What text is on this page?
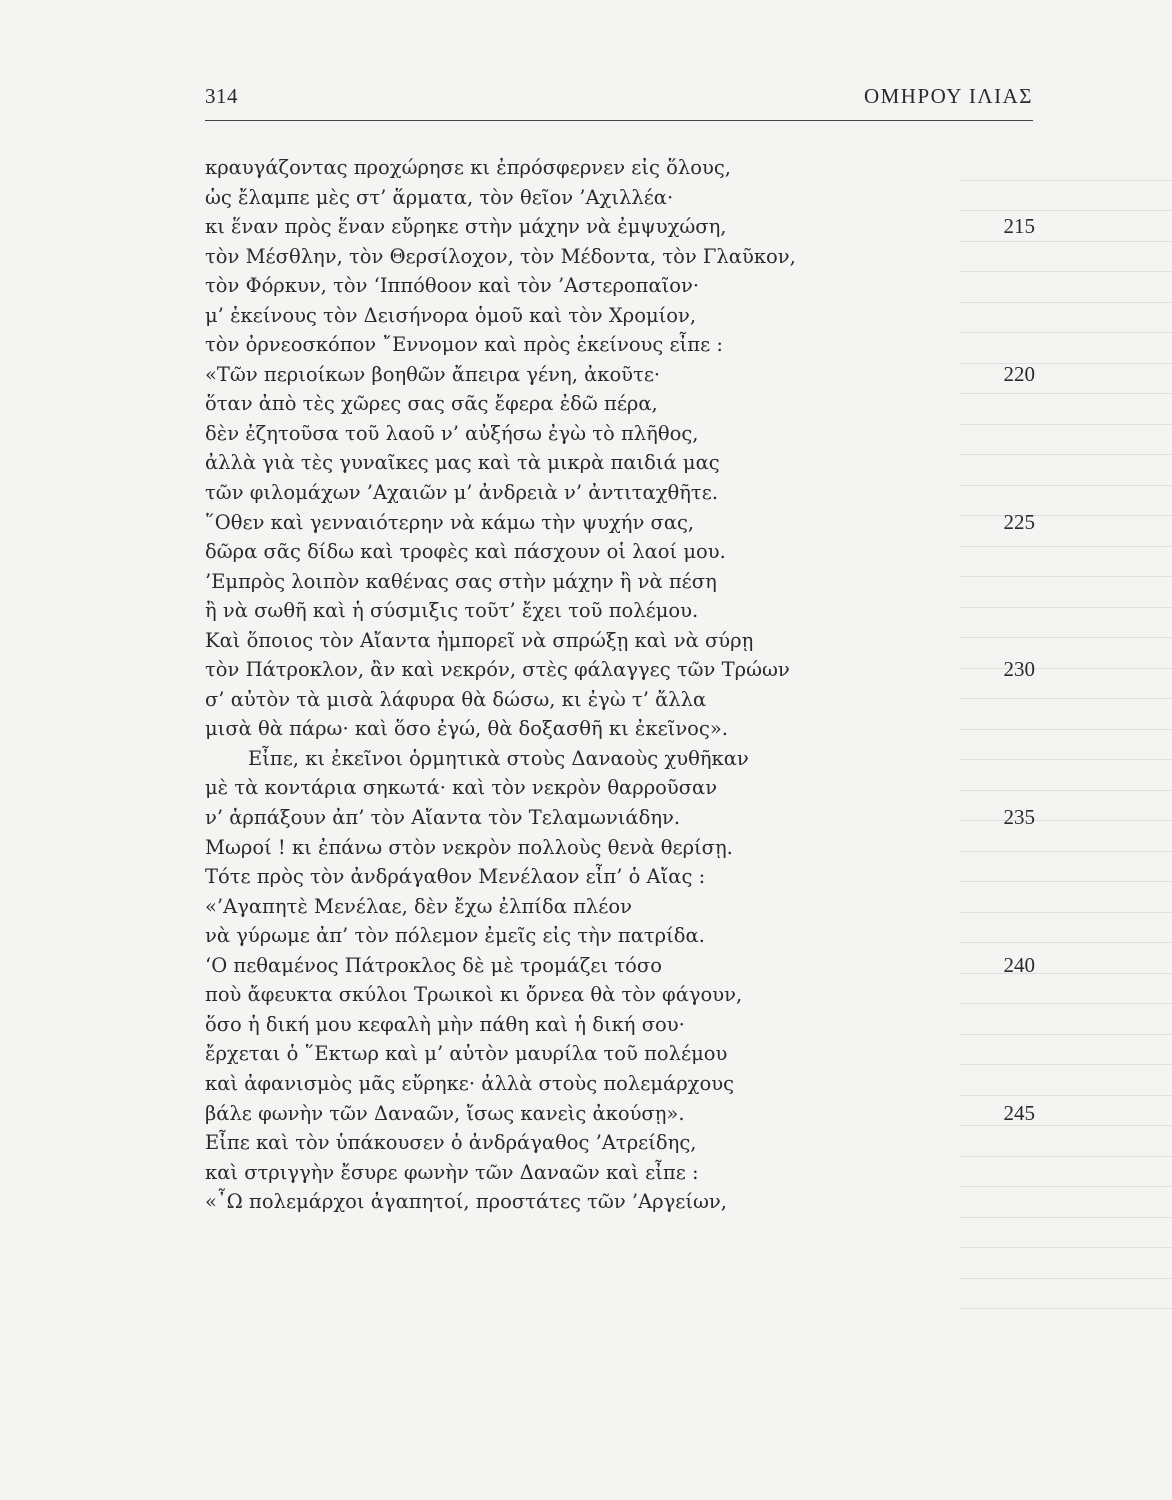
314	ΟΜΗΡΟΥ ΙΛΙΑΣ
κραυγάζοντας προχώρησε κι ἐπρόσφερνεν εἰς ὅλους,
ὡς ἔλαμπε μὲς στ’ ἅρματα, τὸν θεῖον ’Αχιλλέα·
κι ἕναν πρὸς ἕναν εὔρηκε στὴν μάχην νὰ ἐμψυχώση,	215
τὸν Μέσθλην, τὸν Θερσίλοχον, τὸν Μέδοντα, τὸν Γλαῦκον,
τὸν Φόρκυν, τὸν ‘Ιππόθοον καὶ τὸν ’Αστεροπαῖον·
μ’ ἐκείνους τὸν Δεισήνορα ὁμοῦ καὶ τὸν Χρομίον,
τὸν ὀρνεοσκόπον ῎Εννομον καὶ πρὸς ἐκείνους εἶπε :
«Τῶν περιοίκων βοηθῶν ἄπειρα γένη, ἀκοῦτε·	220
ὅταν ἀπὸ τὲς χῶρες σας σᾶς ἔφερα ἐδῶ πέρα,
δὲν ἐζητοῦσα τοῦ λαοῦ ν’ αὐξήσω ἐγὼ τὸ πλῆθος,
ἀλλὰ γιὰ τὲς γυναῖκες μας καὶ τὰ μικρὰ παιδιά μας
τῶν φιλομάχων ’Αχαιῶν μ’ ἀνδρειὰ ν’ ἀντιταχθῆτε.
῞Οθεν καὶ γενναιότερην νὰ κάμω τὴν ψυχήν σας,	225
δῶρα σᾶς δίδω καὶ τροφὲς καὶ πάσχουν οἱ λαοί μου.
’Εμπρὸς λοιπὸν καθένας σας στὴν μάχην ἢ νὰ πέση
ἢ νὰ σωθῆ καὶ ἡ σύσμιξις τοῦτ’ ἔχει τοῦ πολέμου.
Καὶ ὅποιος τὸν Αἴαντα ἠμπορεῖ νὰ σπρώξῃ καὶ νὰ σύρῃ
τὸν Πάτροκλον, ἂν καὶ νεκρόν, στὲς φάλαγγες τῶν Τρώων	230
σ’ αὐτὸν τὰ μισὰ λάφυρα θὰ δώσω, κι ἐγὼ τ’ ἄλλα
μισὰ θὰ πάρω· καὶ ὅσο ἐγώ, θὰ δοξασθῆ κι ἐκεῖνος».
Εἶπε, κι ἐκεῖνοι ὁρμητικὰ στοὺς Δαναοὺς χυθῆκαν
μὲ τὰ κοντάρια σηκωτά· καὶ τὸν νεκρὸν θαρροῦσαν
ν’ ἁρπάξουν ἀπ’ τὸν Αἴαντα τὸν Τελαμωνιάδην.	235
Μωροί ! κι ἐπάνω στὸν νεκρὸν πολλοὺς θενὰ θερίσῃ.
Τότε πρὸς τὸν ἀνδράγαθον Μενέλαον εἶπ’ ὁ Αἴας :
«’Αγαπητὲ Μενέλαε, δὲν ἔχω ἐλπίδα πλέον
νὰ γύρωμε ἀπ’ τὸν πόλεμον ἐμεῖς εἰς τὴν πατρίδα.
‘Ο πεθαμένος Πάτροκλος δὲ μὲ τρομάζει τόσο	240
ποὺ ἄφευκτα σκύλοι Τρωικοὶ κι ὄρνεα θὰ τὸν φάγουν,
ὅσο ἡ δική μου κεφαλὴ μὴν πάθη καὶ ἡ δική σου·
ἔρχεται ὁ ῞Εκτωρ καὶ μ’ αὐτὸν μαυρίλα τοῦ πολέμου
καὶ ἀφανισμὸς μᾶς εὔρηκε· ἀλλὰ στοὺς πολεμάρχους
βάλε φωνὴν τῶν Δαναῶν, ἴσως κανεὶς ἀκούσῃ».	245
Εἶπε καὶ τὸν ὑπάκουσεν ὁ ἀνδράγαθος ’Ατρείδης,
καὶ στριγγὴν ἔσυρε φωνὴν τῶν Δαναῶν καὶ εἶπε :
«῏Ω πολεμάρχοι ἀγαπητοί, προστάτες τῶν ’Αργείων,
